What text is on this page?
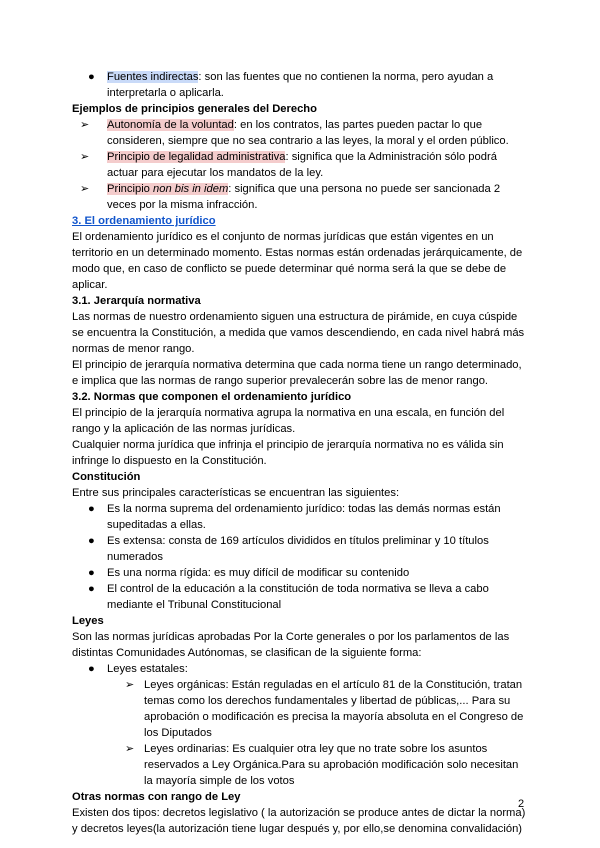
● Fuentes indirectas: son las fuentes que no contienen la norma, pero ayudan a
interpretarla o aplicarla.
Ejemplos de principios generales del Derecho
➢ Autonomía de la voluntad: en los contratos, las partes pueden pactar lo que
consideren, siempre que no sea contrario a las leyes, la moral y el orden público.
➢ Principio de legalidad administrativa: significa que la Administración sólo podrá
actuar para ejecutar los mandatos de la ley.
➢ Principio non bis in idem: significa que una persona no puede ser sancionada 2
veces por la misma infracción.
3. El ordenamiento jurídico
El ordenamiento jurídico es el conjunto de normas jurídicas que están vigentes en un
territorio en un determinado momento. Estas normas están ordenadas jerárquicamente, de
modo que, en caso de conflicto se puede determinar qué norma será la que se debe de
aplicar.
3.1. Jerarquía normativa
Las normas de nuestro ordenamiento siguen una estructura de pirámide, en cuya cúspide
se encuentra la Constitución, a medida que vamos descendiendo, en cada nivel habrá más
normas de menor rango.
El principio de jerarquía normativa determina que cada norma tiene un rango determinado,
e implica que las normas de rango superior prevalecerán sobre las de menor rango.
3.2. Normas que componen el ordenamiento jurídico
El principio de la jerarquía normativa agrupa la normativa en una escala, en función del
rango y la aplicación de las normas jurídicas.
Cualquier norma jurídica que infrinja el principio de jerarquía normativa no es válida sin
infringe lo dispuesto en la Constitución.
Constitución
Entre sus principales características se encuentran las siguientes:
● Es la norma suprema del ordenamiento jurídico: todas las demás normas están
supeditadas a ellas.
● Es extensa: consta de 169 artículos divididos en títulos preliminar y 10 títulos
numerados
● Es una norma rígida: es muy difícil de modificar su contenido
● El control de la educación a la constitución de toda normativa se lleva a cabo
mediante el Tribunal Constitucional
Leyes
Son las normas jurídicas aprobadas Por la Corte generales o por los parlamentos de las
distintas Comunidades Autónomas, se clasifican de la siguiente forma:
● Leyes estatales:
➢ Leyes orgánicas: Están reguladas en el artículo 81 de la Constitución, tratan
temas como los derechos fundamentales y libertad de públicas,... Para su
aprobación o modificación es precisa la mayoría absoluta en el Congreso de
los Diputados
➢ Leyes ordinarias: Es cualquier otra ley que no trate sobre los asuntos
reservados a Ley Orgánica.Para su aprobación modificación solo necesitan
la mayoría simple de los votos
Otras normas con rango de Ley
Existen dos tipos: decretos legislativo ( la autorización se produce antes de dictar la norma)
y decretos leyes(la autorización tiene lugar después y, por ello,se denomina convalidación)
2
